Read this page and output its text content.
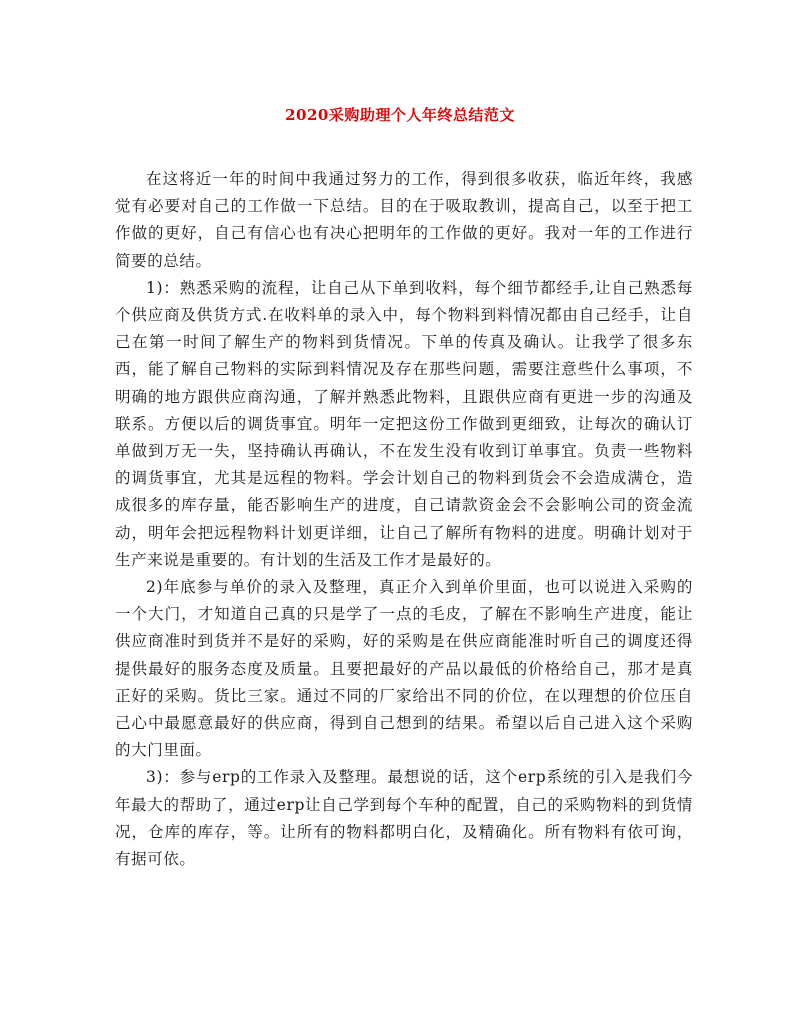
2020采购助理个人年终总结范文

在这将近一年的时间中我通过努力的工作，得到很多收获，临近年终，我感觉有必要对自己的工作做一下总结。目的在于吸取教训，提高自己，以至于把工作做的更好，自己有信心也有决心把明年的工作做的更好。我对一年的工作进行简要的总结。

1)：熟悉采购的流程，让自己从下单到收料，每个细节都经手,让自己熟悉每个供应商及供货方式.在收料单的录入中，每个物料到料情况都由自己经手，让自己在第一时间了解生产的物料到货情况。下单的传真及确认。让我学了很多东西，能了解自己物料的实际到料情况及存在那些问题，需要注意些什么事项，不明确的地方跟供应商沟通，了解并熟悉此物料，且跟供应商有更进一步的沟通及联系。方便以后的调货事宜。明年一定把这份工作做到更细致，让每次的确认订单做到万无一失，坚持确认再确认，不在发生没有收到订单事宜。负责一些物料的调货事宜，尤其是远程的物料。学会计划自己的物料到货会不会造成满仓，造成很多的库存量，能否影响生产的进度，自己请款资金会不会影响公司的资金流动，明年会把远程物料计划更详细，让自己了解所有物料的进度。明确计划对于生产来说是重要的。有计划的生活及工作才是最好的。

2)年底参与单价的录入及整理，真正介入到单价里面，也可以说进入采购的一个大门，才知道自己真的只是学了一点的毛皮，了解在不影响生产进度，能让供应商准时到货并不是好的采购，好的采购是在供应商能准时听自己的调度还得提供最好的服务态度及质量。且要把最好的产品以最低的价格给自己，那才是真正好的采购。货比三家。通过不同的厂家给出不同的价位，在以理想的价位压自己心中最愿意最好的供应商，得到自己想到的结果。希望以后自己进入这个采购的大门里面。

3)：参与erp的工作录入及整理。最想说的话，这个erp系统的引入是我们今年最大的帮助了，通过erp让自己学到每个车种的配置，自己的采购物料的到货情况，仓库的库存，等。让所有的物料都明白化，及精确化。所有物料有依可询，有据可依。
